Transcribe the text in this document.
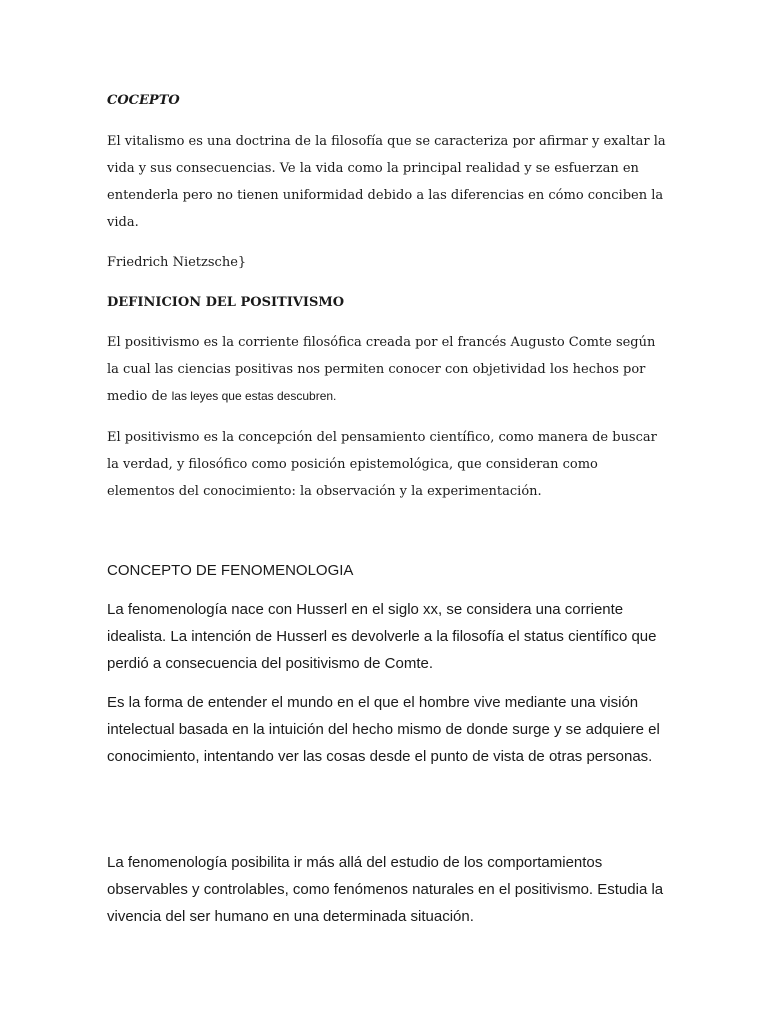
COCEPTO

El vitalismo es una doctrina de la filosofía que se caracteriza por afirmar y exaltar la vida y sus consecuencias. Ve la vida como la principal realidad y se esfuerzan en entenderla pero no tienen uniformidad debido a las diferencias en cómo conciben la vida.

Friedrich Nietzsche}

DEFINICION DEL POSITIVISMO

El positivismo es la corriente filosófica creada por el francés Augusto Comte según la cual las ciencias positivas nos permiten conocer con objetividad los hechos por medio de las leyes que estas descubren.

El positivismo es la concepción del pensamiento científico, como manera de buscar la verdad, y filosófico como posición epistemológica, que consideran como elementos del conocimiento: la observación y la experimentación.

CONCEPTO DE FENOMENOLOGIA

La fenomenología nace con Husserl en el siglo xx, se considera una corriente idealista. La intención de Husserl es devolverle a la filosofía el status científico que perdió a consecuencia del positivismo de Comte.

Es la forma de entender el mundo en el que el hombre vive mediante una visión intelectual basada en la intuición del hecho mismo de donde surge y se adquiere el conocimiento, intentando ver las cosas desde el punto de vista de otras personas.

La fenomenología posibilita ir más allá del estudio de los comportamientos observables y controlables, como fenómenos naturales en el positivismo. Estudia la vivencia del ser humano en una determinada situación.
